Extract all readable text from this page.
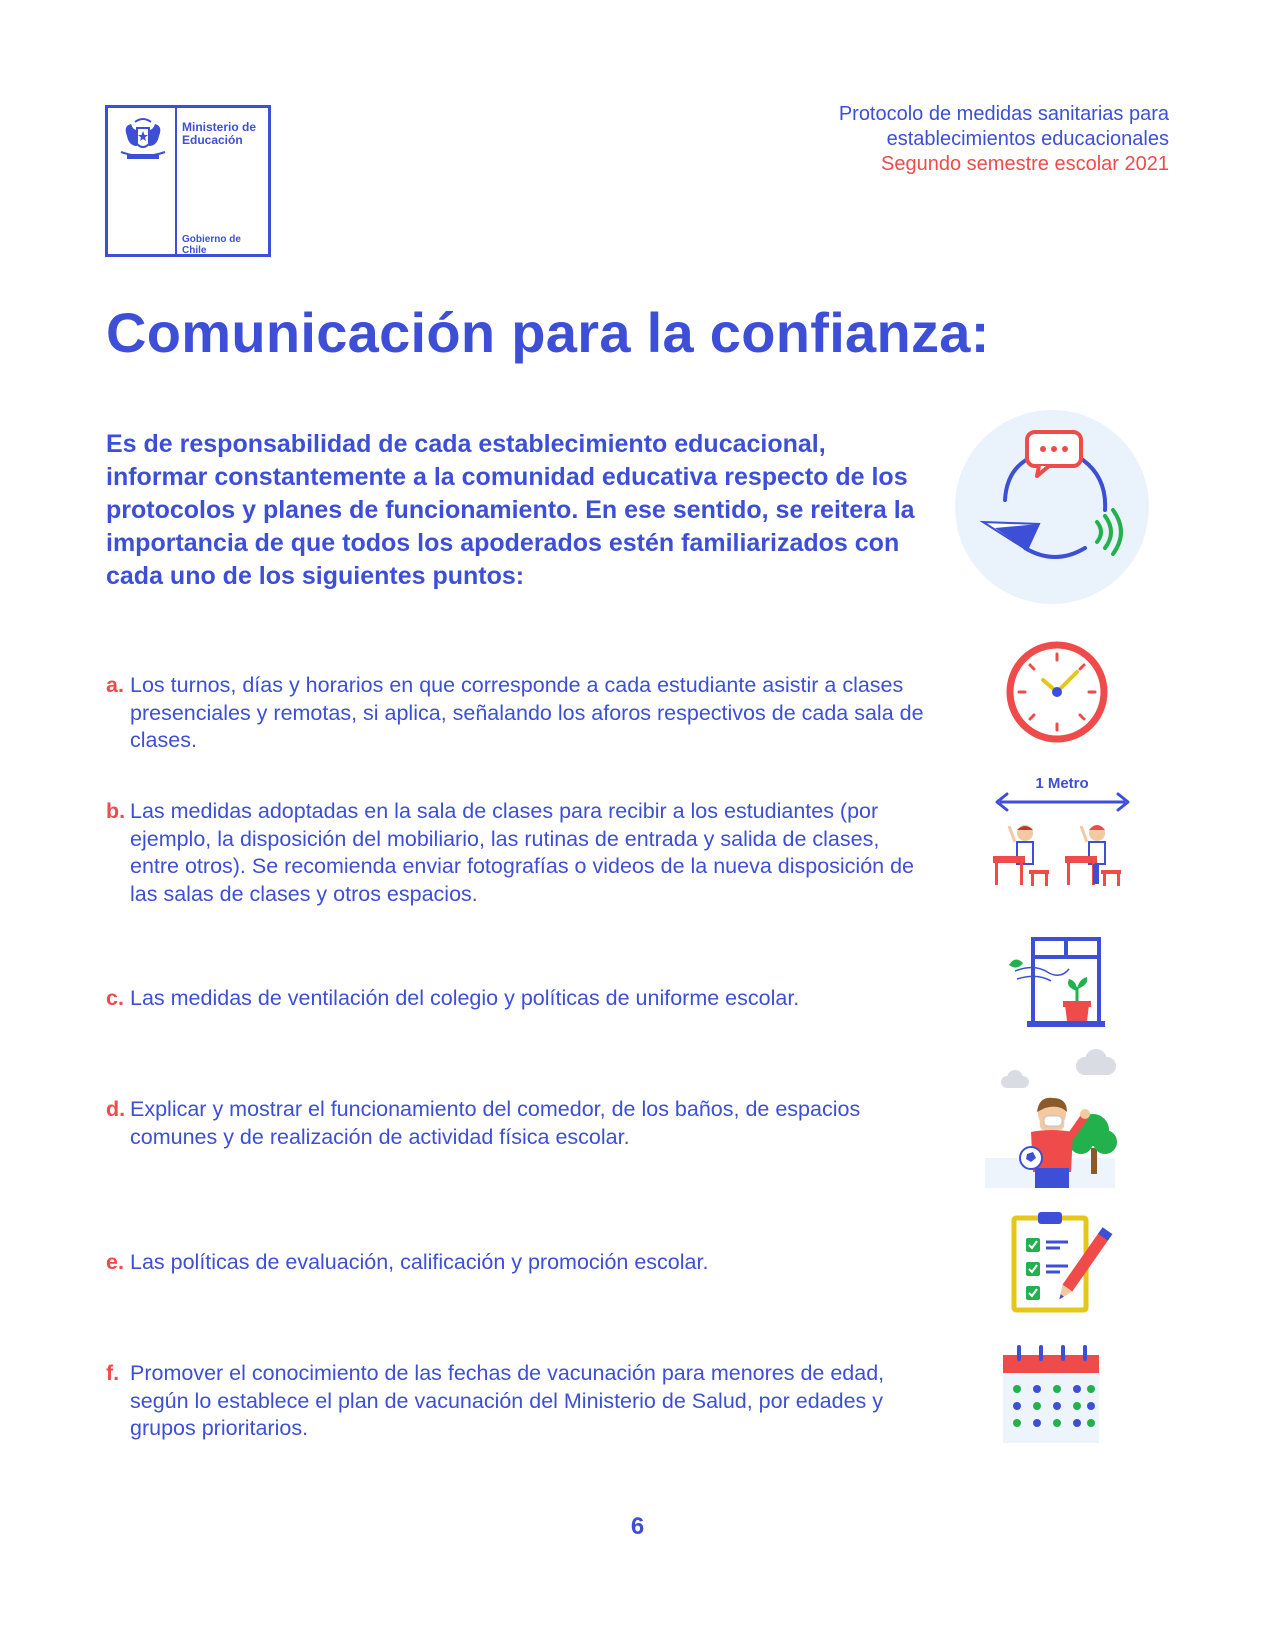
Ministerio de Educación
Gobierno de Chile
Protocolo de medidas sanitarias para
establecimientos educacionales
Segundo semestre escolar 2021
Comunicación para la confianza:

Es de responsabilidad de cada establecimiento educacional, informar constantemente a la comunidad educativa respecto de los protocolos y planes de funcionamiento. En ese sentido, se reitera la importancia de que todos los apoderados estén familiarizados con cada uno de los siguientes puntos:

a. Los turnos, días y horarios en que corresponde a cada estudiante asistir a clases presenciales y remotas, si aplica, señalando los aforos respectivos de cada sala de clases.
b. Las medidas adoptadas en la sala de clases para recibir a los estudiantes (por ejemplo, la disposición del mobiliario, las rutinas de entrada y salida de clases, entre otros). Se recomienda enviar fotografías o videos de la nueva disposición de las salas de clases y otros espacios.
1 Metro
c. Las medidas de ventilación del colegio y políticas de uniforme escolar.
d. Explicar y mostrar el funcionamiento del comedor, de los baños, de espacios comunes y de realización de actividad física escolar.
e. Las políticas de evaluación, calificación y promoción escolar.
f. Promover el conocimiento de las fechas de vacunación para menores de edad, según lo establece el plan de vacunación del Ministerio de Salud, por edades y grupos prioritarios.
6
